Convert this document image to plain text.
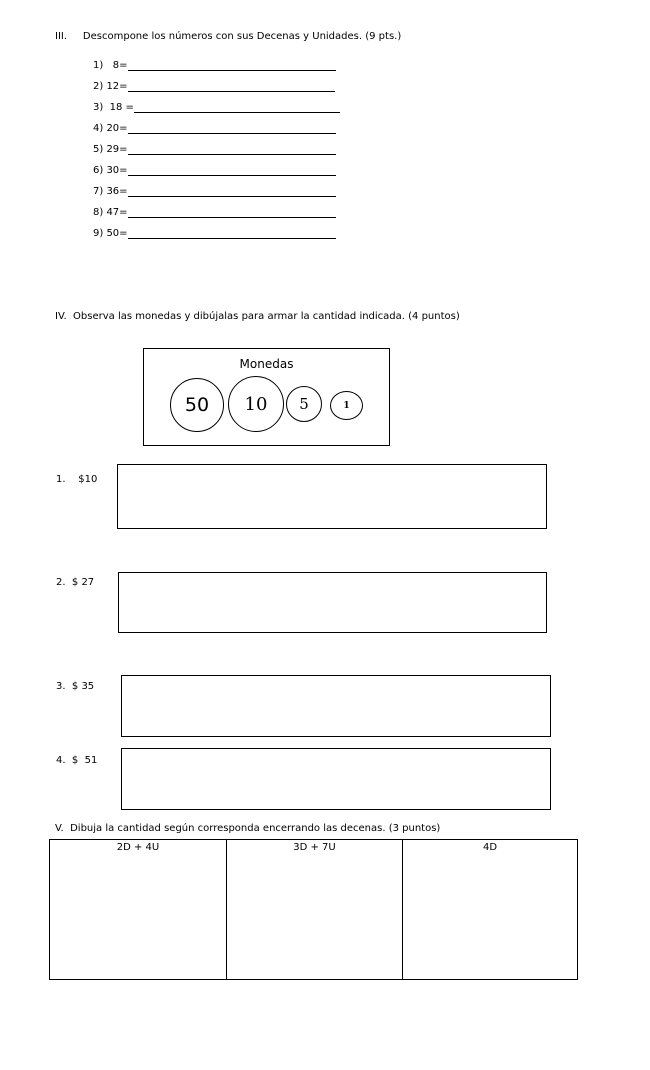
III.     Descompone los números con sus Decenas y Unidades. (9 pts.)
1)   8=
2) 12=
3)  18 =
4) 20=
5) 29=
6) 30=
7) 36=
8) 47=
9) 50=
IV.  Observa las monedas y dibújalas para armar la cantidad indicada. (4 puntos)
Monedas
50 10 5	1
1.    $10
2.  $ 27
3.  $ 35
4.  $  51
V.  Dibuja la cantidad según corresponda encerrando las decenas. (3 puntos)
2D + 4U	3D + 7U	4D
